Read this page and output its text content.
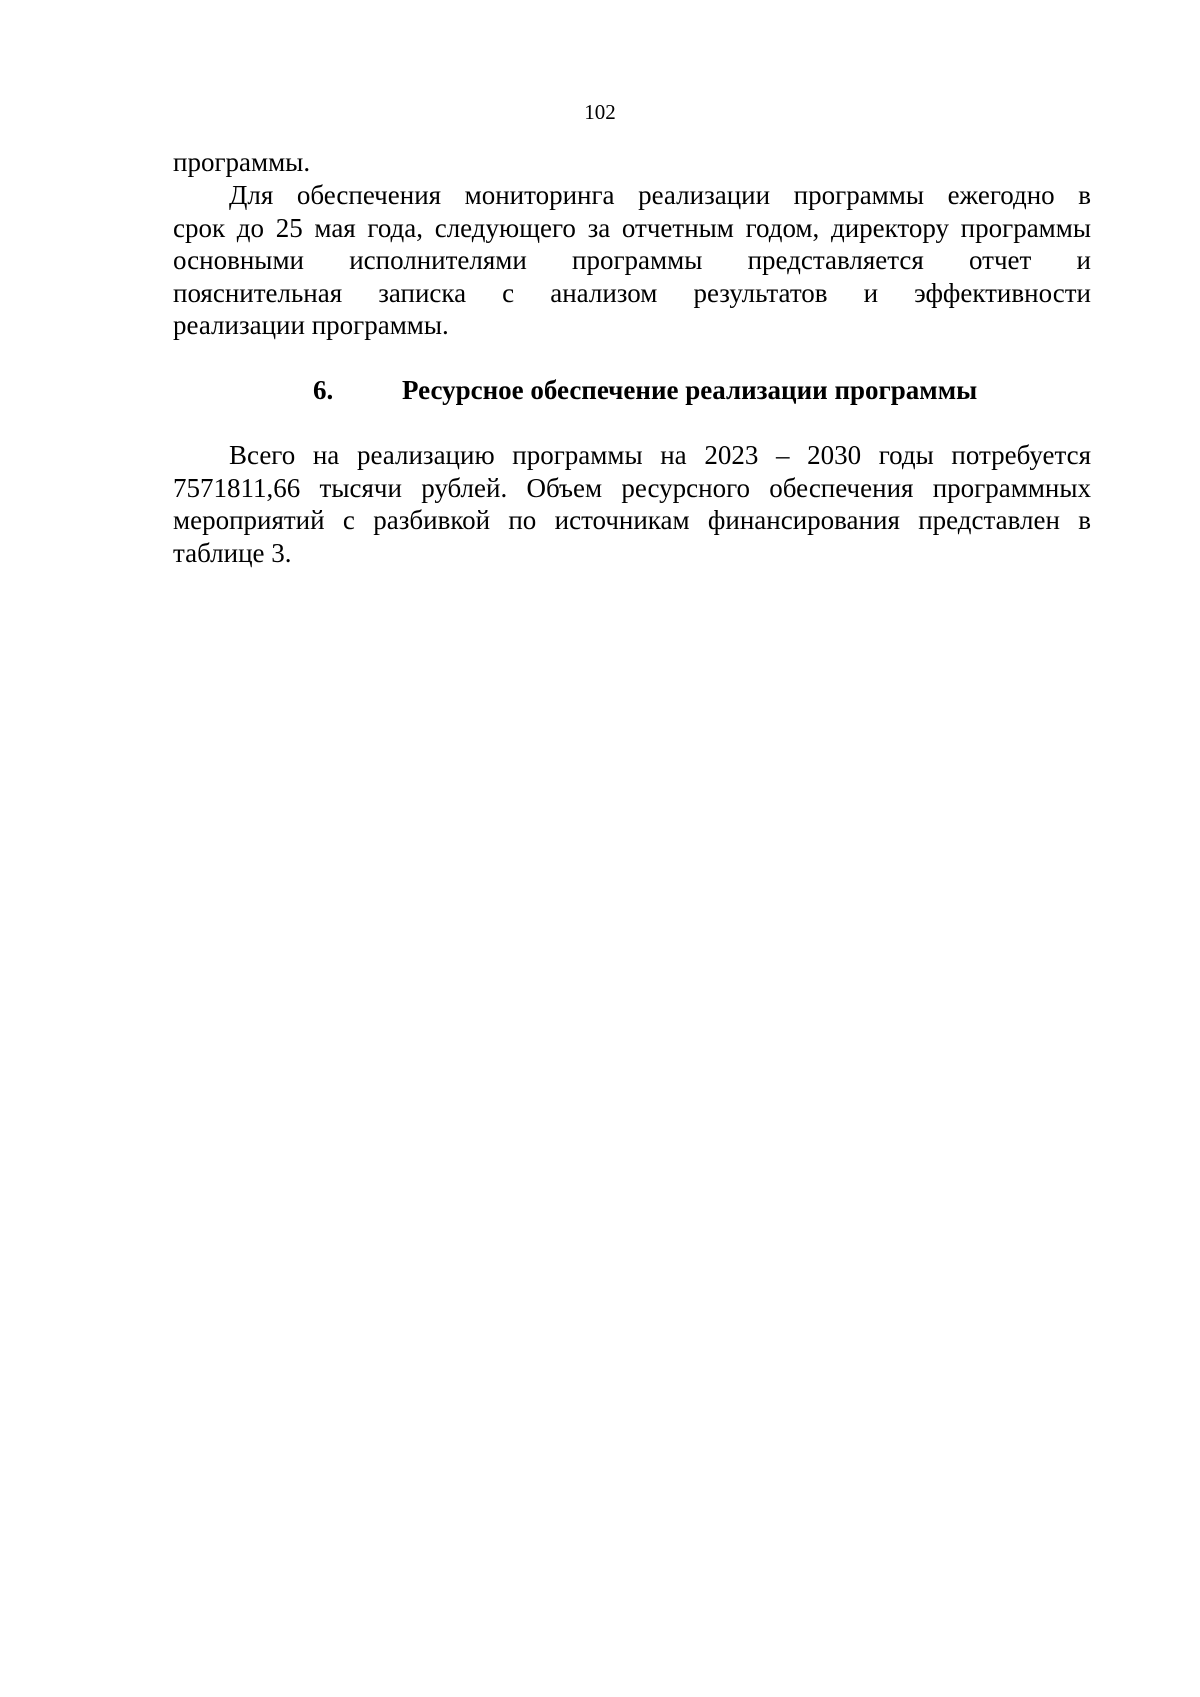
102
программы.
Для обеспечения мониторинга реализации программы ежегодно в
срок до 25 мая года, следующего за отчетным годом, директору программы
основными исполнителями программы представляется отчет и
пояснительная записка с анализом результатов и эффективности
реализации программы.
6.	Ресурсное обеспечение реализации программы
Всего на реализацию программы на 2023 – 2030 годы потребуется
7571811,66 тысячи рублей. Объем ресурсного обеспечения программных
мероприятий с разбивкой по источникам финансирования представлен в
таблице 3.
